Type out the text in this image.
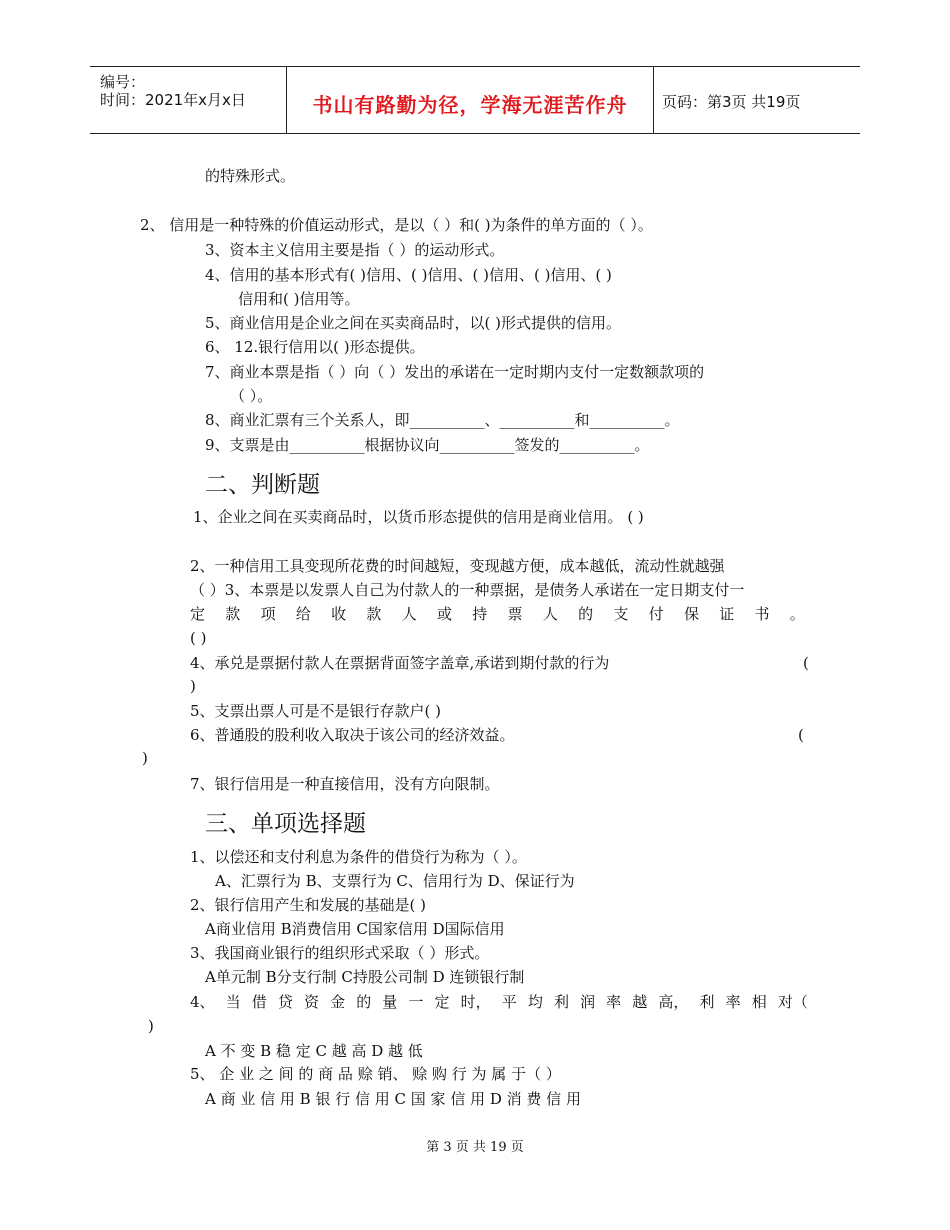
编号：
时间：2021年x月x日	书山有路勤为径，学海无涯苦作舟	页码：第3页 共19页
的特殊形式。
2、 信用是一种特殊的价值运动形式，是以（ ）和( )为条件的单方面的（ ）。
3、资本主义信用主要是指（ ）的运动形式。
4、信用的基本形式有( )信用、( )信用、( )信用、( )信用、( )
信用和( )信用等。
5、商业信用是企业之间在买卖商品时，以( )形式提供的信用。
6、 12.银行信用以( )形态提供。
7、商业本票是指（ ）向（ ）发出的承诺在一定时期内支付一定数额款项的
（ ）。
8、商业汇票有三个关系人，即__________、__________和__________。
9、支票是由__________根据协议向__________签发的__________。
二、判断题
1、企业之间在买卖商品时，以货币形态提供的信用是商业信用。 ( )
2、一种信用工具变现所花费的时间越短，变现越方便，成本越低，流动性就越强
（ ）3、本票是以发票人自己为付款人的一种票据，是债务人承诺在一定日期支付一
定 款 项 给 收 款 人 或 持 票 人 的 支 付 保 证 书 。
( )
4、承兑是票据付款人在票据背面签字盖章,承诺到期付款的行为	(
)
5、支票出票人可是不是银行存款户( )
6、普通股的股利收入取决于该公司的经济效益。	(
)
7、银行信用是一种直接信用，没有方向限制。
三、单项选择题
1、以偿还和支付利息为条件的借贷行为称为（ ）。
A、汇票行为 B、支票行为 C、信用行为 D、保证行为
2、银行信用产生和发展的基础是( )
A商业信用 B消费信用 C国家信用 D国际信用
3、我国商业银行的组织形式采取（ ）形式。
A单元制 B分支行制 C持股公司制 D 连锁银行制
4、 当 借 贷 资 金 的 量 一 定 时， 平 均 利 润 率 越 高， 利 率 相 对（
)
A 不 变 B 稳 定 C 越 高 D 越 低
5、 企 业 之 间 的 商 品 赊 销、 赊 购 行 为 属 于（ ）
A 商 业 信 用 B 银 行 信 用 C 国 家 信 用 D 消 费 信 用
第 3 页 共 19 页
